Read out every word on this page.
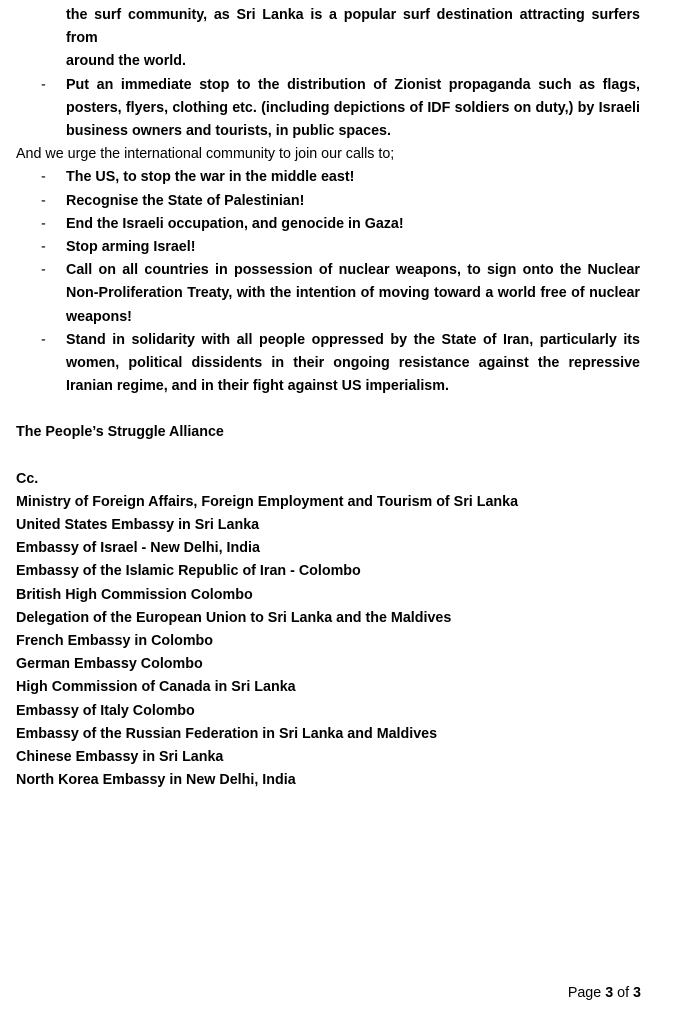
the surf community, as Sri Lanka is a popular surf destination attracting surfers from
around the world.
- Put an immediate stop to the distribution of Zionist propaganda such as flags, posters, flyers, clothing etc. (including depictions of IDF soldiers on duty,) by Israeli business owners and tourists, in public spaces.

And we urge the international community to join our calls to;

- The US, to stop the war in the middle east!
- Recognise the State of Palestinian!
- End the Israeli occupation, and genocide in Gaza!
- Stop arming Israel!
- Call on all countries in possession of nuclear weapons, to sign onto the Nuclear Non-Proliferation Treaty, with the intention of moving toward a world free of nuclear weapons!
- Stand in solidarity with all people oppressed by the State of Iran, particularly its women, political dissidents in their ongoing resistance against the repressive Iranian regime, and in their fight against US imperialism.
The People’s Struggle Alliance
Cc.
Ministry of Foreign Affairs, Foreign Employment and Tourism of Sri Lanka
United States Embassy in Sri Lanka
Embassy of Israel - New Delhi, India
Embassy of the Islamic Republic of Iran - Colombo
British High Commission Colombo
Delegation of the European Union to Sri Lanka and the Maldives
French Embassy in Colombo
German Embassy Colombo
High Commission of Canada in Sri Lanka
Embassy of Italy Colombo
Embassy of the Russian Federation in Sri Lanka and Maldives
Chinese Embassy in Sri Lanka
North Korea Embassy in New Delhi, India
Page 3 of 3
